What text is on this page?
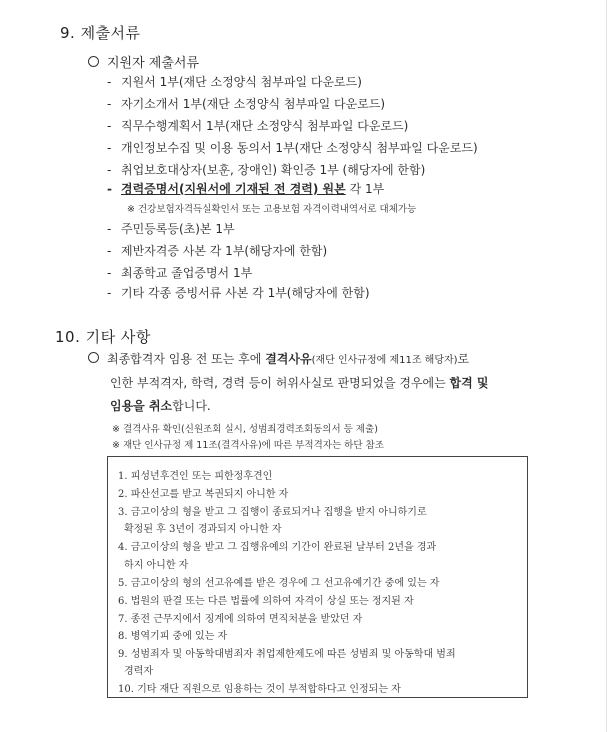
9. 제출서류
지원자 제출서류
- 지원서 1부(재단 소정양식 첨부파일 다운로드)
- 자기소개서 1부(재단 소정양식 첨부파일 다운로드)
- 직무수행계획서 1부(재단 소정양식 첨부파일 다운로드)
- 개인정보수집 및 이용 동의서 1부(재단 소정양식 첨부파일 다운로드)
- 취업보호대상자(보훈, 장애인) 확인증 1부 (해당자에 한함)
- 경력증명서(지원서에 기재된 전 경력) 원본 각 1부
※ 건강보험자격득실확인서 또는 고용보험 자격이력내역서로 대체가능
- 주민등록등(초)본 1부
- 제반자격증 사본 각 1부(해당자에 한함)
- 최종학교 졸업증명서 1부
- 기타 각종 증빙서류 사본 각 1부(해당자에 한함)
10. 기타 사항
최종합격자 임용 전 또는 후에 결격사유(재단 인사규정에 제11조 해당자)로
인한 부적격자, 학력, 경력 등이 허위사실로 판명되었을 경우에는 합격 및
임용을 취소합니다.
※ 결격사유 확인(신원조회 실시, 성범죄경력조회동의서 등 제출)
※ 재단 인사규정 제 11조(결격사유)에 따른 부적격자는 하단 참조
1. 피성년후견인 또는 피한정후견인
2. 파산선고를 받고 복권되지 아니한 자
3. 금고이상의 형을 받고 그 집행이 종료되거나 집행을 받지 아니하기로
확정된 후 3년이 경과되지 아니한 자
4. 금고이상의 형을 받고 그 집행유예의 기간이 완료된 날부터 2년을 경과
하지 아니한 자
5. 금고이상의 형의 선고유예를 받은 경우에 그 선고유예기간 중에 있는 자
6. 법원의 판결 또는 다른 법률에 의하여 자격이 상실 또는 정지된 자
7. 종전 근무지에서 징계에 의하여 면직처분을 받았던 자
8. 병역기피 중에 있는 자
9. 성범죄자 및 아동학대범죄자 취업제한제도에 따른 성범죄 및 아동학대 범죄
경력자
10. 기타 재단 직원으로 임용하는 것이 부적합하다고 인정되는 자
